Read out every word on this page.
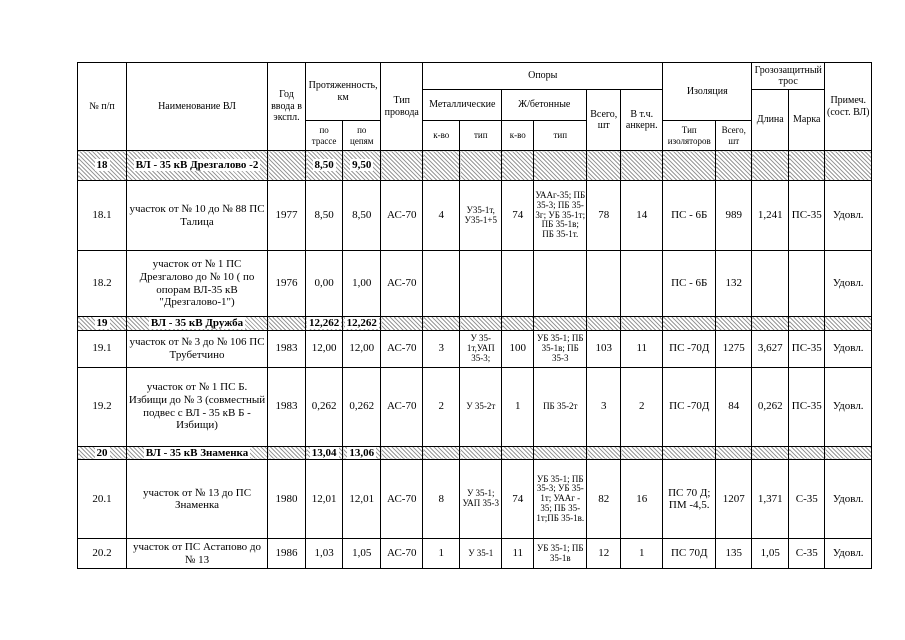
№ п/п	Наименование ВЛ	Год ввода в экспл.	Протяженность, км		Тип провода	Опоры						Изоляция		Грозозащитный трос		Примеч. (сост. ВЛ)
						Металлические		Ж/бетонные		Всего, шт	В т.ч. анкерн.			Длина	Марка	
			по трассе	по цепям		к-во	тип	к-во	тип			Тип изоляторов	Всего, шт			
18	ВЛ - 35 кВ Дрезгалово -2		8,50	9,50												
18.1	участок от № 10 до № 88 ПС Талица	1977	8,50	8,50	АС-70	4	У35-1т, У35-1+5	74	УААг-35; ПБ 35-3; ПБ 35-3г; УБ 35-1т; ПБ 35-1в; ПБ 35-1т.	78	14	ПС - 6Б	989	1,241	ПС-35	Удовл.
18.2	участок от № 1 ПС Дрезгалово до № 10 ( по опорам ВЛ-35 кВ "Дрезгалово-1")	1976	0,00	1,00	АС-70							ПС - 6Б	132			Удовл.
19	ВЛ - 35 кВ Дружба		12,262	12,262												
19.1	участок от № 3 до № 106 ПС Трубетчино	1983	12,00	12,00	АС-70	3	У 35-1т,УАП 35-3;	100	УБ 35-1; ПБ 35-1в; ПБ 35-3	103	11	ПС -70Д	1275	3,627	ПС-35	Удовл.
19.2	участок от № 1 ПС Б. Избищи до № 3 (совместный подвес с ВЛ - 35 кВ Б - Избищи)	1983	0,262	0,262	АС-70	2	У 35-2т	1	ПБ 35-2т	3	2	ПС -70Д	84	0,262	ПС-35	Удовл.
20	ВЛ - 35 кВ Знаменка		13,04	13,06												
20.1	участок от № 13 до ПС Знаменка	1980	12,01	12,01	АС-70	8	У 35-1; УАП 35-3	74	УБ 35-1; ПБ 35-3; УБ 35-1т; УААг - 35; ПБ 35-1т;ПБ 35-1в.	82	16	ПС 70 Д; ПМ -4,5.	1207	1,371	С-35	Удовл.
20.2	участок от ПС Астапово до № 13	1986	1,03	1,05	АС-70	1	У 35-1	11	УБ 35-1; ПБ 35-1в	12	1	ПС 70Д	135	1,05	С-35	Удовл.
